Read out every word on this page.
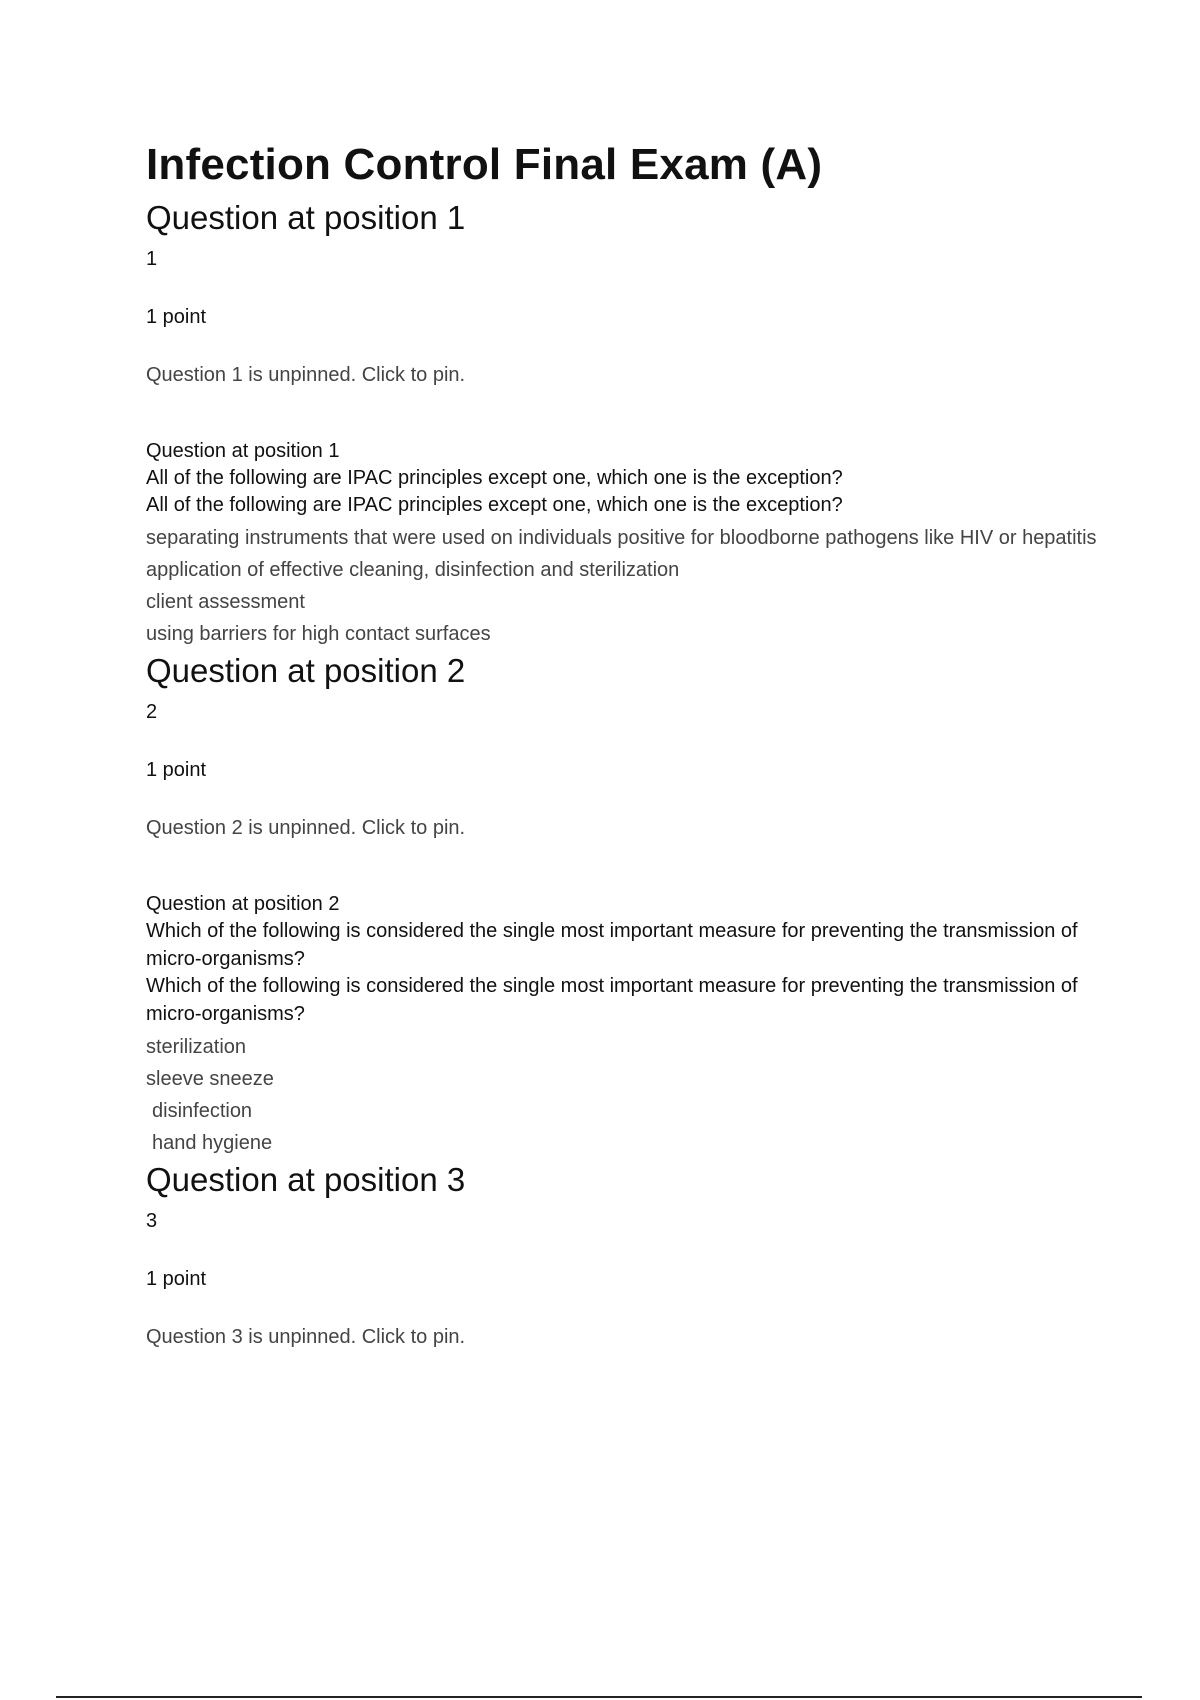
Infection Control Final Exam (A)
Question at position 1
1
1 point
Question 1 is unpinned. Click to pin.
Question at position 1
All of the following are IPAC principles except one, which one is the exception?
All of the following are IPAC principles except one, which one is the exception?
separating instruments that were used on individuals positive for bloodborne pathogens like HIV or hepatitis
application of effective cleaning, disinfection and sterilization
client assessment
using barriers for high contact surfaces
Question at position 2
2
1 point
Question 2 is unpinned. Click to pin.
Question at position 2
Which of the following is considered the single most important measure for preventing the transmission of micro-organisms?
Which of the following is considered the single most important measure for preventing the transmission of micro-organisms?
sterilization
sleeve sneeze
disinfection
hand hygiene
Question at position 3
3
1 point
Question 3 is unpinned. Click to pin.
